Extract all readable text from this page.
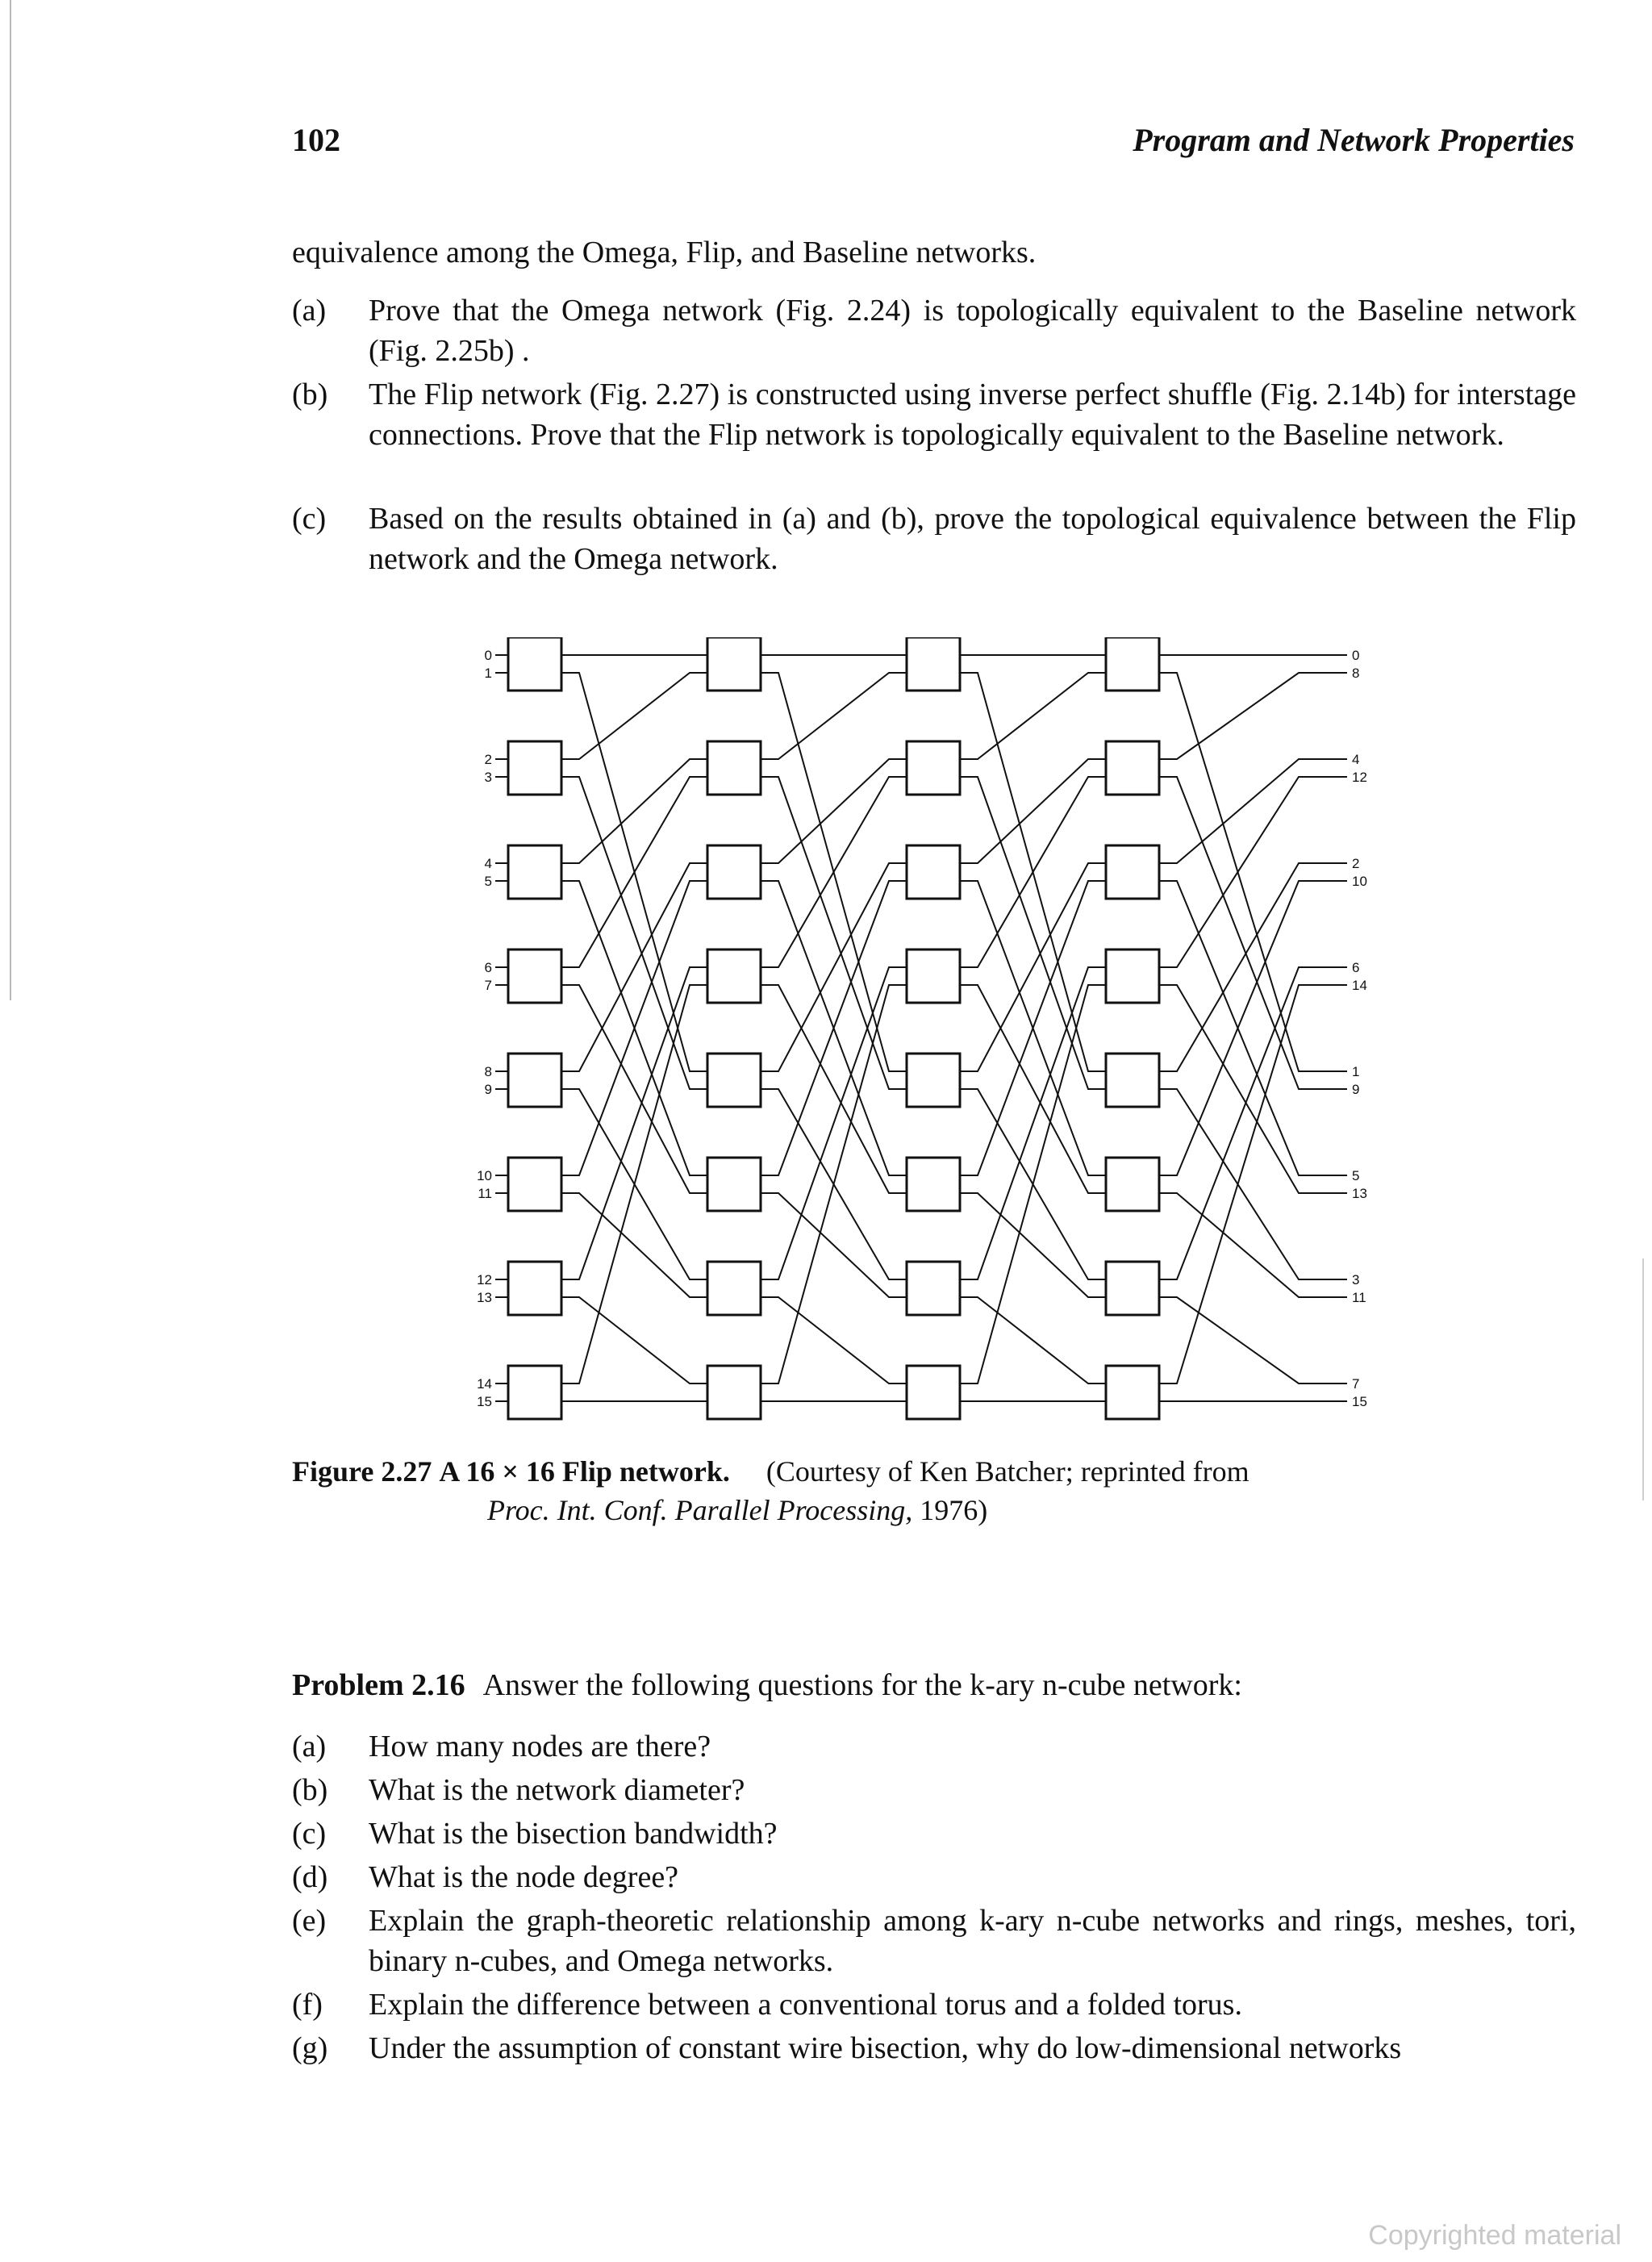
102	Program and Network Properties
equivalence among the Omega, Flip, and Baseline networks.
(a)	Prove that the Omega network (Fig. 2.24) is topologically equivalent to the Baseline network (Fig. 2.25b) .
(b)	The Flip network (Fig. 2.27) is constructed using inverse perfect shuffle (Fig. 2.14b) for interstage connections. Prove that the Flip network is topologically equivalent to the Baseline network.
(c)	Based on the results obtained in (a) and (b), prove the topological equivalence between the Flip network and the Omega network.
0
1
2
3
4
5
6
7
8
9
10
11
12
13
14
15
0
1
8
9
4
5
12
13
2
3
10
11
6
7
14
15
Figure 2.27 A 16 × 16 Flip network. (Courtesy of Ken Batcher; reprinted from
Proc. Int. Conf. Parallel Processing, 1976)
Problem 2.16 Answer the following questions for the k-ary n-cube network:
(a)	How many nodes are there?
(b)	What is the network diameter?
(c)	What is the bisection bandwidth?
(d)	What is the node degree?
(e)	Explain the graph-theoretic relationship among k-ary n-cube networks and rings, meshes, tori, binary n-cubes, and Omega networks.
(f)	Explain the difference between a conventional torus and a folded torus.
(g)	Under the assumption of constant wire bisection, why do low-dimensional networks
Copyrighted material
